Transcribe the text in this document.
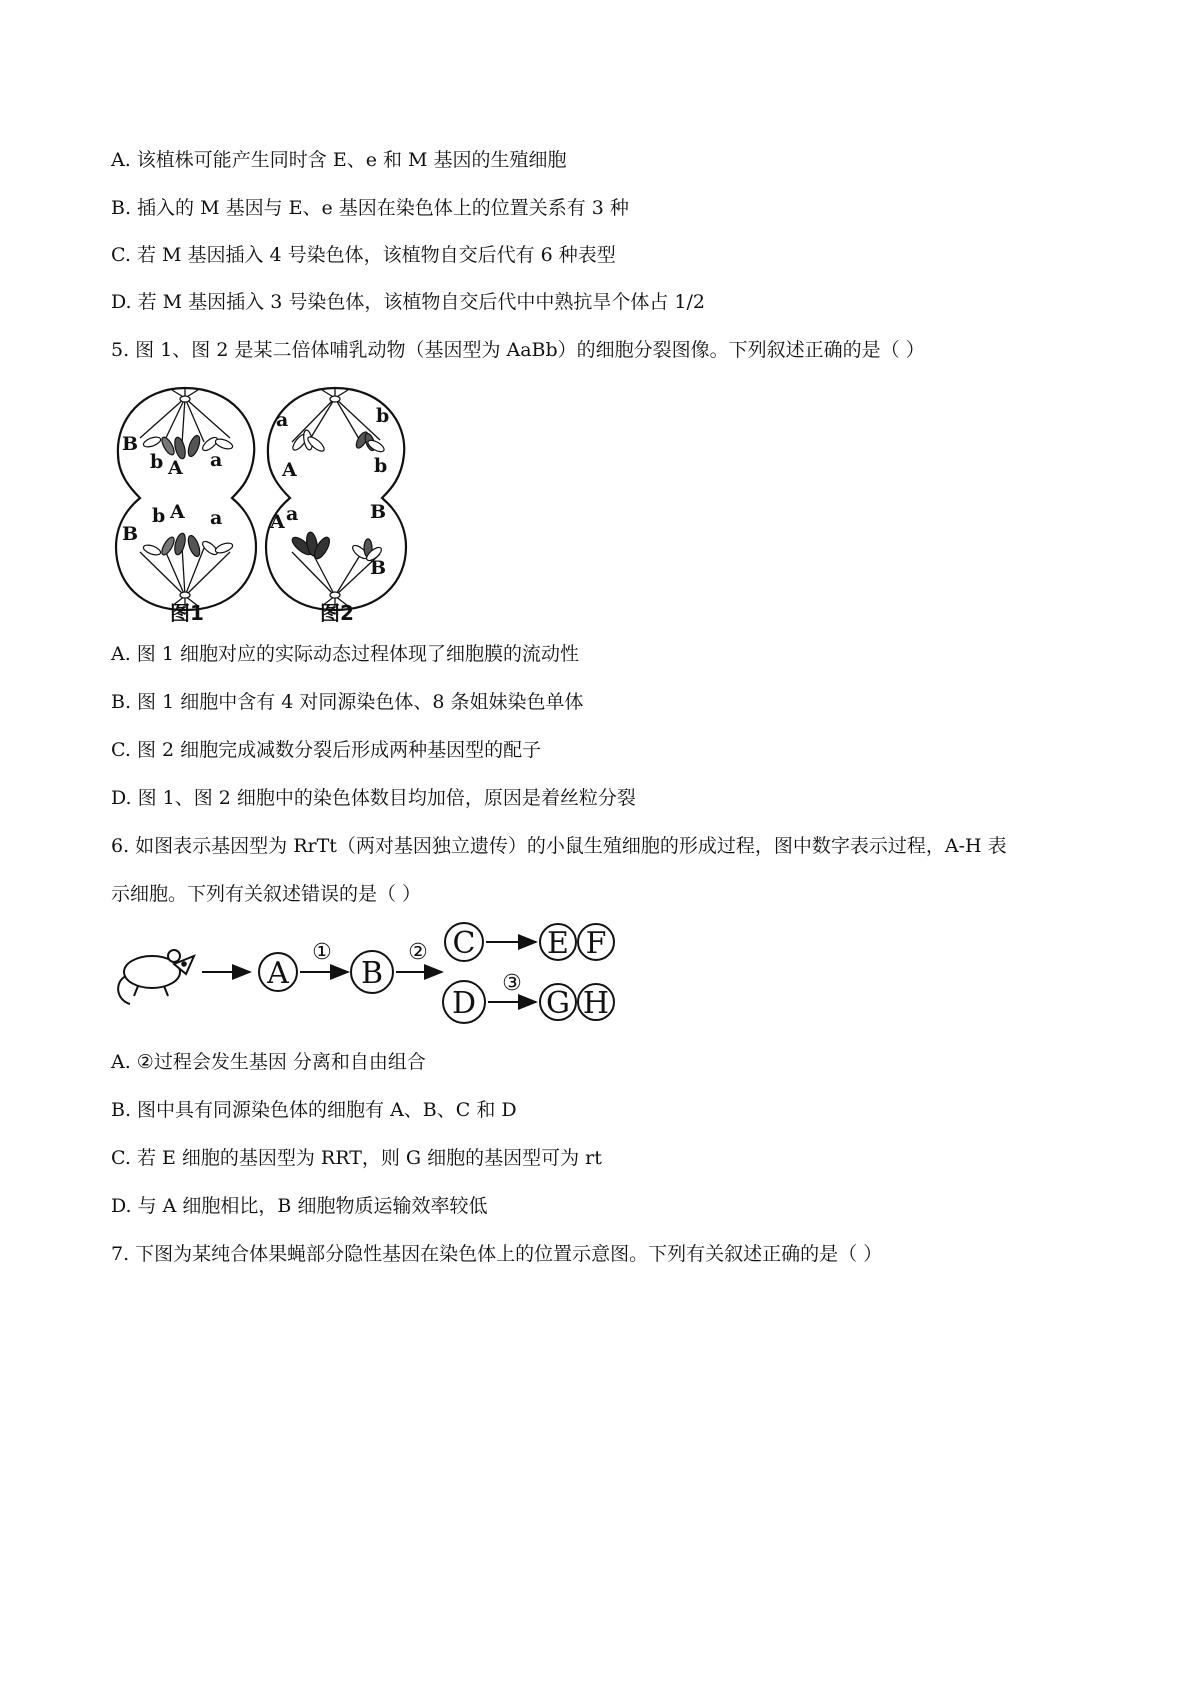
A. 该植株可能产生同时含 E、e 和 M 基因的生殖细胞
B. 插入的 M 基因与 E、e 基因在染色体上的位置关系有 3 种
C. 若 M 基因插入 4 号染色体，该植物自交后代有 6 种表型
D. 若 M 基因插入 3 号染色体，该植物自交后代中中熟抗旱个体占 1/2
5. 图 1、图 2 是某二倍体哺乳动物（基因型为 AaBb）的细胞分裂图像。下列叙述正确的是（ ）
B
b A a
b A
B
a
a
A
b
b
A a	B
B
图1	图2
A. 图 1 细胞对应的实际动态过程体现了细胞膜的流动性
B. 图 1 细胞中含有 4 对同源染色体、8 条姐妹染色单体
C. 图 2 细胞完成减数分裂后形成两种基因型的配子
D. 图 1、图 2 细胞中的染色体数目均加倍，原因是着丝粒分裂
6. 如图表示基因型为 RrTt（两对基因独立遗传）的小鼠生殖细胞的形成过程，图中数字表示过程，A-H 表
示细胞。下列有关叙述错误的是（ ）
A
①
B
② C
D
③
E F
G H
A. ②过程会发生基因 分离和自由组合
B. 图中具有同源染色体的细胞有 A、B、C 和 D
C. 若 E 细胞的基因型为 RRT，则 G 细胞的基因型可为 rt
D. 与 A 细胞相比，B 细胞物质运输效率较低
7. 下图为某纯合体果蝇部分隐性基因在染色体上的位置示意图。下列有关叙述正确的是（ ）
